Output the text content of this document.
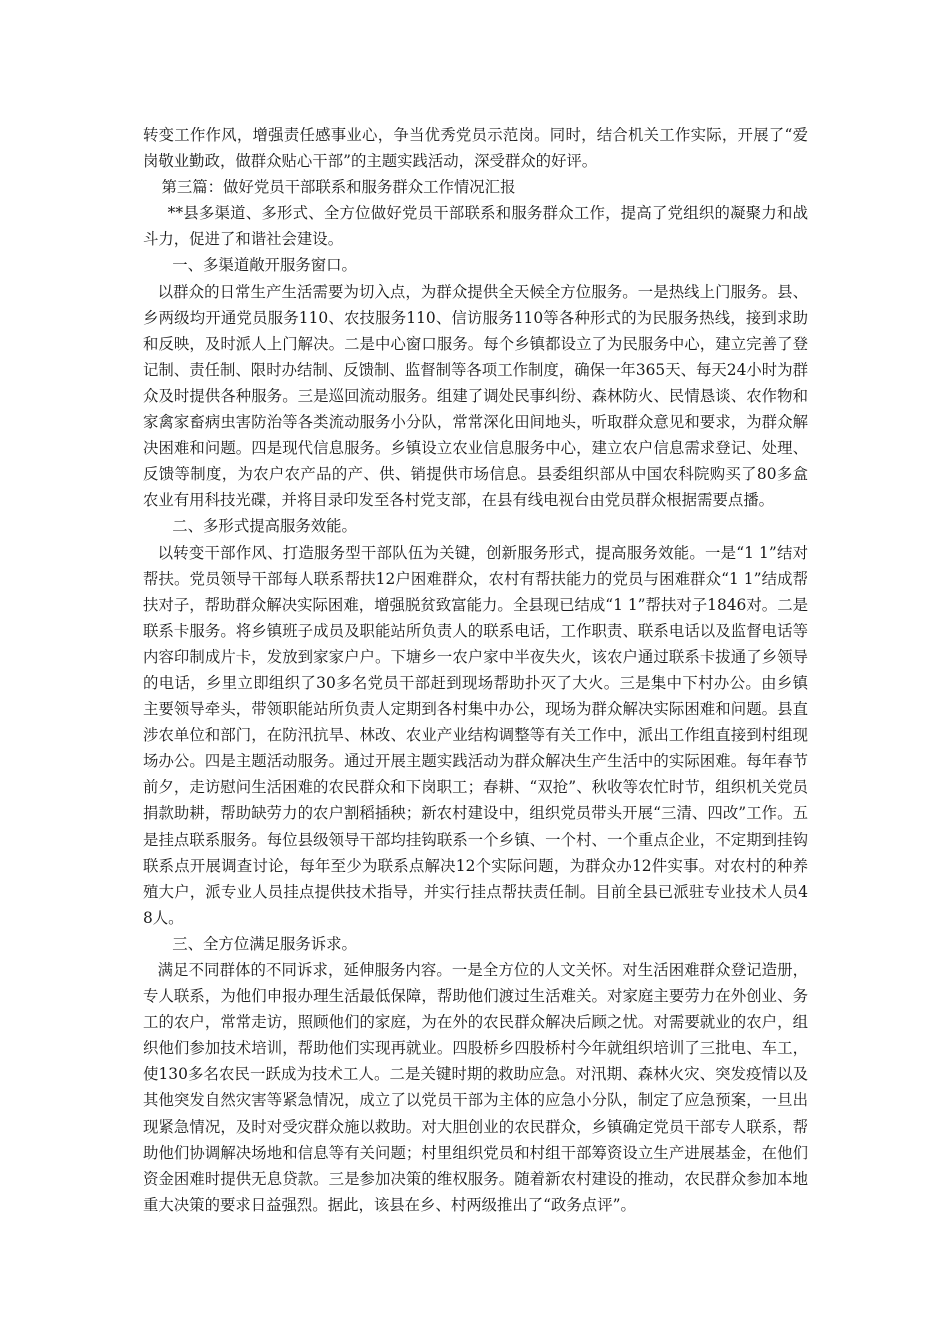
转变工作作风，增强责任感事业心，争当优秀党员示范岗。同时，结合机关工作实际，开展了“爱岗敬业勤政，做群众贴心干部”的主题实践活动，深受群众的好评。

第三篇：做好党员干部联系和服务群众工作情况汇报

**县多渠道、多形式、全方位做好党员干部联系和服务群众工作，提高了党组织的凝聚力和战斗力，促进了和谐社会建设。

一、多渠道敞开服务窗口。

以群众的日常生产生活需要为切入点，为群众提供全天候全方位服务。一是热线上门服务。县、乡两级均开通党员服务110、农技服务110、信访服务110等各种形式的为民服务热线，接到求助和反映，及时派人上门解决。二是中心窗口服务。每个乡镇都设立了为民服务中心，建立完善了登记制、责任制、限时办结制、反馈制、监督制等各项工作制度，确保一年365天、每天24小时为群众及时提供各种服务。三是巡回流动服务。组建了调处民事纠纷、森林防火、民情恳谈、农作物和家禽家畜病虫害防治等各类流动服务小分队，常常深化田间地头，听取群众意见和要求，为群众解决困难和问题。四是现代信息服务。乡镇设立农业信息服务中心，建立农户信息需求登记、处理、反馈等制度，为农户农产品的产、供、销提供市场信息。县委组织部从中国农科院购买了80多盒农业有用科技光碟，并将目录印发至各村党支部，在县有线电视台由党员群众根据需要点播。

二、多形式提高服务效能。

以转变干部作风、打造服务型干部队伍为关键，创新服务形式，提高服务效能。一是“1 1”结对帮扶。党员领导干部每人联系帮扶12户困难群众，农村有帮扶能力的党员与困难群众“1 1”结成帮扶对子，帮助群众解决实际困难，增强脱贫致富能力。全县现已结成“1 1”帮扶对子1846对。二是联系卡服务。将乡镇班子成员及职能站所负责人的联系电话，工作职责、联系电话以及监督电话等内容印制成片卡，发放到家家户户。下塘乡一农户家中半夜失火，该农户通过联系卡拔通了乡领导的电话，乡里立即组织了30多名党员干部赶到现场帮助扑灭了大火。三是集中下村办公。由乡镇主要领导牵头，带领职能站所负责人定期到各村集中办公，现场为群众解决实际困难和问题。县直涉农单位和部门，在防汛抗旱、林改、农业产业结构调整等有关工作中，派出工作组直接到村组现场办公。四是主题活动服务。通过开展主题实践活动为群众解决生产生活中的实际困难。每年春节前夕，走访慰问生活困难的农民群众和下岗职工；春耕、“双抢”、秋收等农忙时节，组织机关党员捐款助耕，帮助缺劳力的农户割稻插秧；新农村建设中，组织党员带头开展“三清、四改”工作。五是挂点联系服务。每位县级领导干部均挂钩联系一个乡镇、一个村、一个重点企业，不定期到挂钩联系点开展调查讨论，每年至少为联系点解决12个实际问题，为群众办12件实事。对农村的种养殖大户，派专业人员挂点提供技术指导，并实行挂点帮扶责任制。目前全县已派驻专业技术人员48人。

三、全方位满足服务诉求。

满足不同群体的不同诉求，延伸服务内容。一是全方位的人文关怀。对生活困难群众登记造册，专人联系，为他们申报办理生活最低保障，帮助他们渡过生活难关。对家庭主要劳力在外创业、务工的农户，常常走访，照顾他们的家庭，为在外的农民群众解决后顾之忧。对需要就业的农户，组织他们参加技术培训，帮助他们实现再就业。四股桥乡四股桥村今年就组织培训了三批电、车工，使130多名农民一跃成为技术工人。二是关键时期的救助应急。对汛期、森林火灾、突发疫情以及其他突发自然灾害等紧急情况，成立了以党员干部为主体的应急小分队，制定了应急预案，一旦出现紧急情况，及时对受灾群众施以救助。对大胆创业的农民群众，乡镇确定党员干部专人联系，帮助他们协调解决场地和信息等有关问题；村里组织党员和村组干部筹资设立生产进展基金，在他们资金困难时提供无息贷款。三是参加决策的维权服务。随着新农村建设的推动，农民群众参加本地重大决策的要求日益强烈。据此，该县在乡、村两级推出了“政务点评”。
